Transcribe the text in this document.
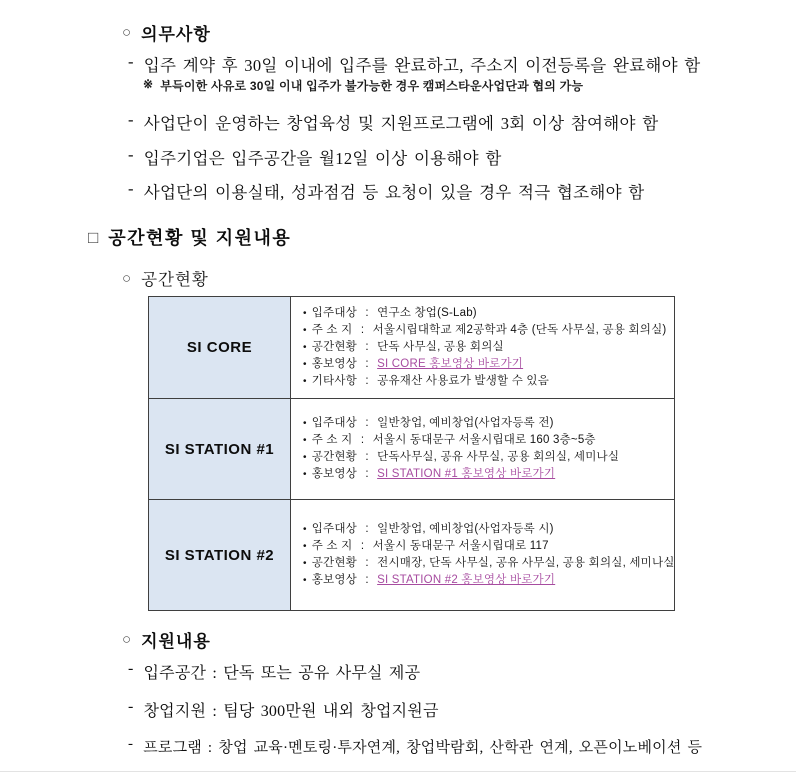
○ 의무사항
- 입주 계약 후 30일 이내에 입주를 완료하고, 주소지 이전등록을 완료해야 함
※ 부득이한 사유로 30일 이내 입주가 불가능한 경우 캠퍼스타운사업단과 협의 가능
- 사업단이 운영하는 창업육성 및 지원프로그램에 3회 이상 참여해야 함
- 입주기업은 입주공간을 월12일 이상 이용해야 함
- 사업단의 이용실태, 성과점검 등 요청이 있을 경우 적극 협조해야 함
□ 공간현황 및 지원내용
○ 공간현황
SI CORE	
• 입주대상 : 연구소 창업(S-Lab)
• 주 소 지 : 서울시립대학교 제2공학과 4층 (단독 사무실, 공용 회의실)
• 공간현황 : 단독 사무실, 공용 회의실
• 홍보영상 : SI CORE 홍보영상 바로가기
• 기타사항 : 공유재산 사용료가 발생할 수 있음

SI STATION #1	
• 입주대상 : 일반창업, 예비창업(사업자등록 전)
• 주 소 지 : 서울시 동대문구 서울시립대로 160 3층~5층
• 공간현황 : 단독사무실, 공유 사무실, 공용 회의실, 세미나실
• 홍보영상 : SI STATION #1 홍보영상 바로가기

SI STATION #2	
• 입주대상 : 일반창업, 예비창업(사업자등록 시)
• 주 소 지 : 서울시 동대문구 서울시립대로 117
• 공간현황 : 전시매장, 단독 사무실, 공유 사무실, 공용 회의실, 세미나실
• 홍보영상 : SI STATION #2 홍보영상 바로가기
○ 지원내용
- 입주공간 : 단독 또는 공유 사무실 제공
- 창업지원 : 팀당 300만원 내외 창업지원금
- 프로그램 : 창업 교육·멘토링·투자연계, 창업박람회, 산학관 연계, 오픈이노베이션 등
